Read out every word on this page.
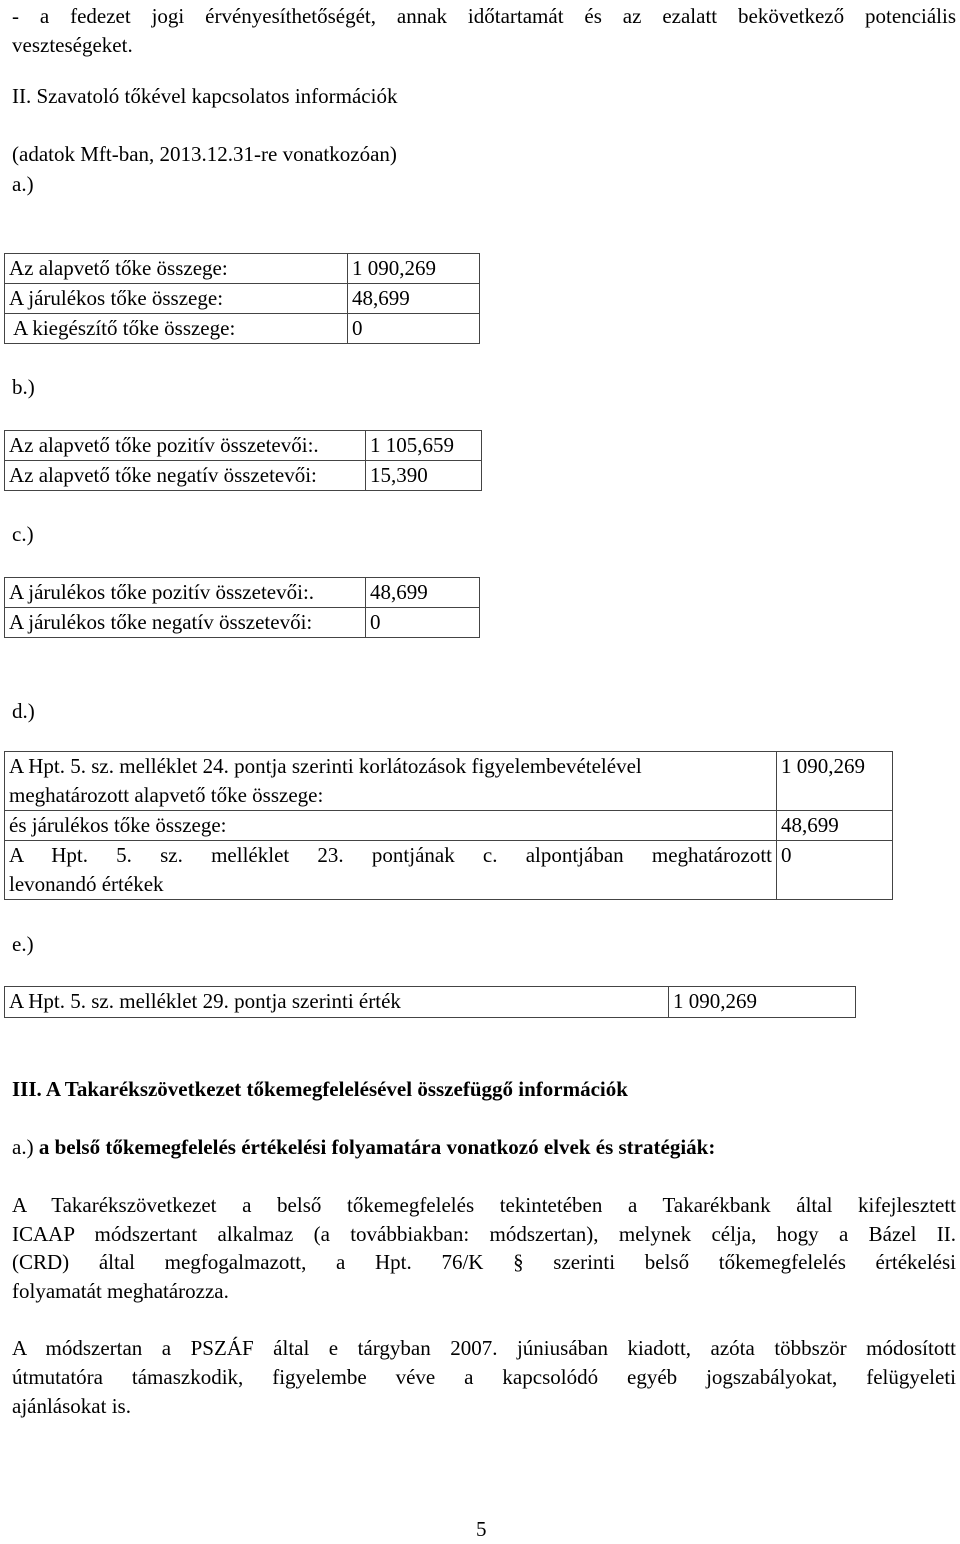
- a fedezet jogi érvényesíthetőségét, annak időtartamát és az ezalatt bekövetkező potenciális
veszteségeket.
II. Szavatoló tőkével kapcsolatos információk
(adatok Mft-ban, 2013.12.31-re vonatkozóan)
a.)
Az alapvető tőke összege:	1 090,269
A járulékos tőke összege:	48,699
A kiegészítő tőke összege:	0
b.)
Az alapvető tőke pozitív összetevői:.	1 105,659
Az alapvető tőke negatív összetevői:	15,390
c.)
A járulékos tőke pozitív összetevői:.	48,699
A járulékos tőke negatív összetevői:	0
d.)
A Hpt. 5. sz. melléklet 24. pontja szerinti korlátozások figyelembevételével
meghatározott alapvető tőke összege:	1 090,269
és járulékos tőke összege:	48,699

A Hpt. 5. sz. melléklet 23. pontjának c. alpontjában meghatározott
levonandó értékek	0
e.)
A Hpt. 5. sz. melléklet 29. pontja szerinti érték	1 090,269
III. A Takarékszövetkezet tőkemegfelelésével összefüggő információk
a.) a belső tőkemegfelelés értékelési folyamatára vonatkozó elvek és stratégiák:
A Takarékszövetkezet a belső tőkemegfelelés tekintetében a Takarékbank által kifejlesztett
ICAAP módszertant alkalmaz (a továbbiakban: módszertan), melynek célja, hogy a Bázel II.
(CRD) által megfogalmazott, a Hpt. 76/K § szerinti belső tőkemegfelelés értékelési
folyamatát meghatározza.
A módszertan a PSZÁF által e tárgyban 2007. júniusában kiadott, azóta többször módosított
útmutatóra támaszkodik, figyelembe véve a kapcsolódó egyéb jogszabályokat, felügyeleti
ajánlásokat is.
5
